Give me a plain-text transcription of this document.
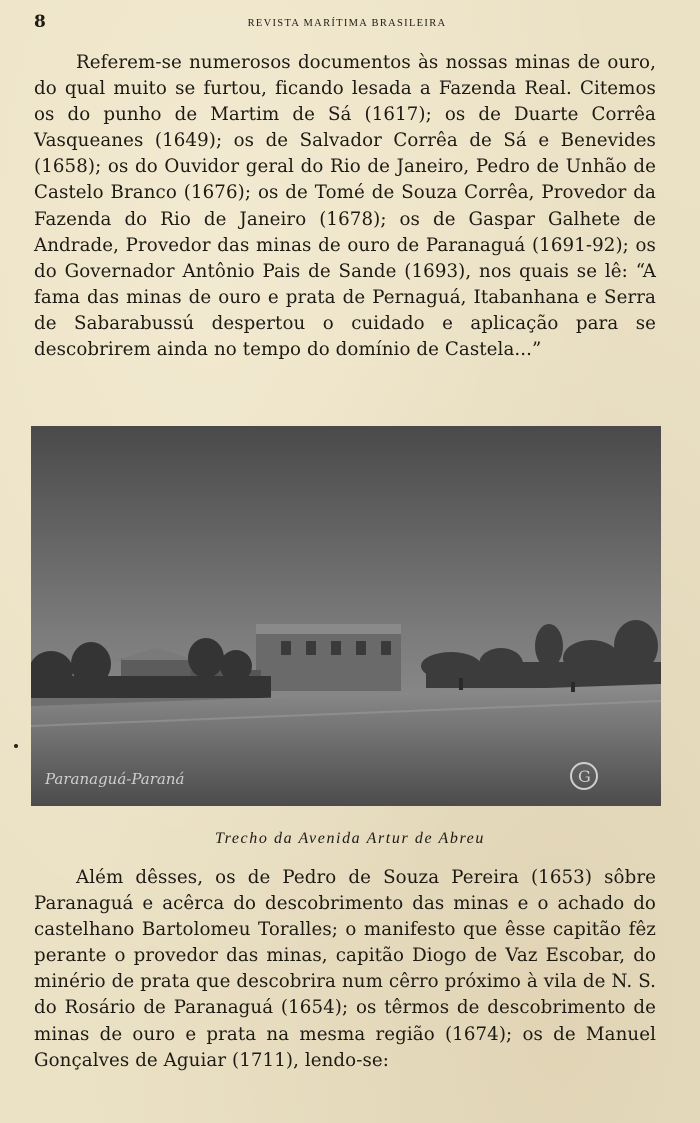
8	REVISTA MARÍTIMA BRASILEIRA

Referem-se numerosos documentos às nossas minas de ouro, do qual muito se furtou, ficando lesada a Fazenda Real. Citemos os do punho de Martim de Sá (1617); os de Duarte Corrêa Vasqueanes (1649); os de Salvador Corrêa de Sá e Benevides (1658); os do Ouvidor geral do Rio de Janeiro, Pedro de Unhão de Castelo Branco (1676); os de Tomé de Souza Corrêa, Provedor da Fazenda do Rio de Janeiro (1678); os de Gaspar Galhete de Andrade, Provedor das minas de ouro de Paranaguá (1691-92); os do Governador Antônio Pais de Sande (1693), nos quais se lê: “A fama das minas de ouro e prata de Pernaguá, Itabanhana e Serra de Sabarabussú despertou o cuidado e aplicação para se descobrirem ainda no tempo do domínio de Castela...”

Paranaguá-Paraná	G
Trecho da Avenida Artur de Abreu

Além dêsses, os de Pedro de Souza Pereira (1653) sôbre Paranaguá e acêrca do descobrimento das minas e o achado do castelhano Bartolomeu Toralles; o manifesto que êsse capitão fêz perante o provedor das minas, capitão Diogo de Vaz Escobar, do minério de prata que descobrira num cêrro próximo à vila de N. S. do Rosário de Paranaguá (1654); os têrmos de descobrimento de minas de ouro e prata na mesma região (1674); os de Manuel Gonçalves de Aguiar (1711), lendo-se:
